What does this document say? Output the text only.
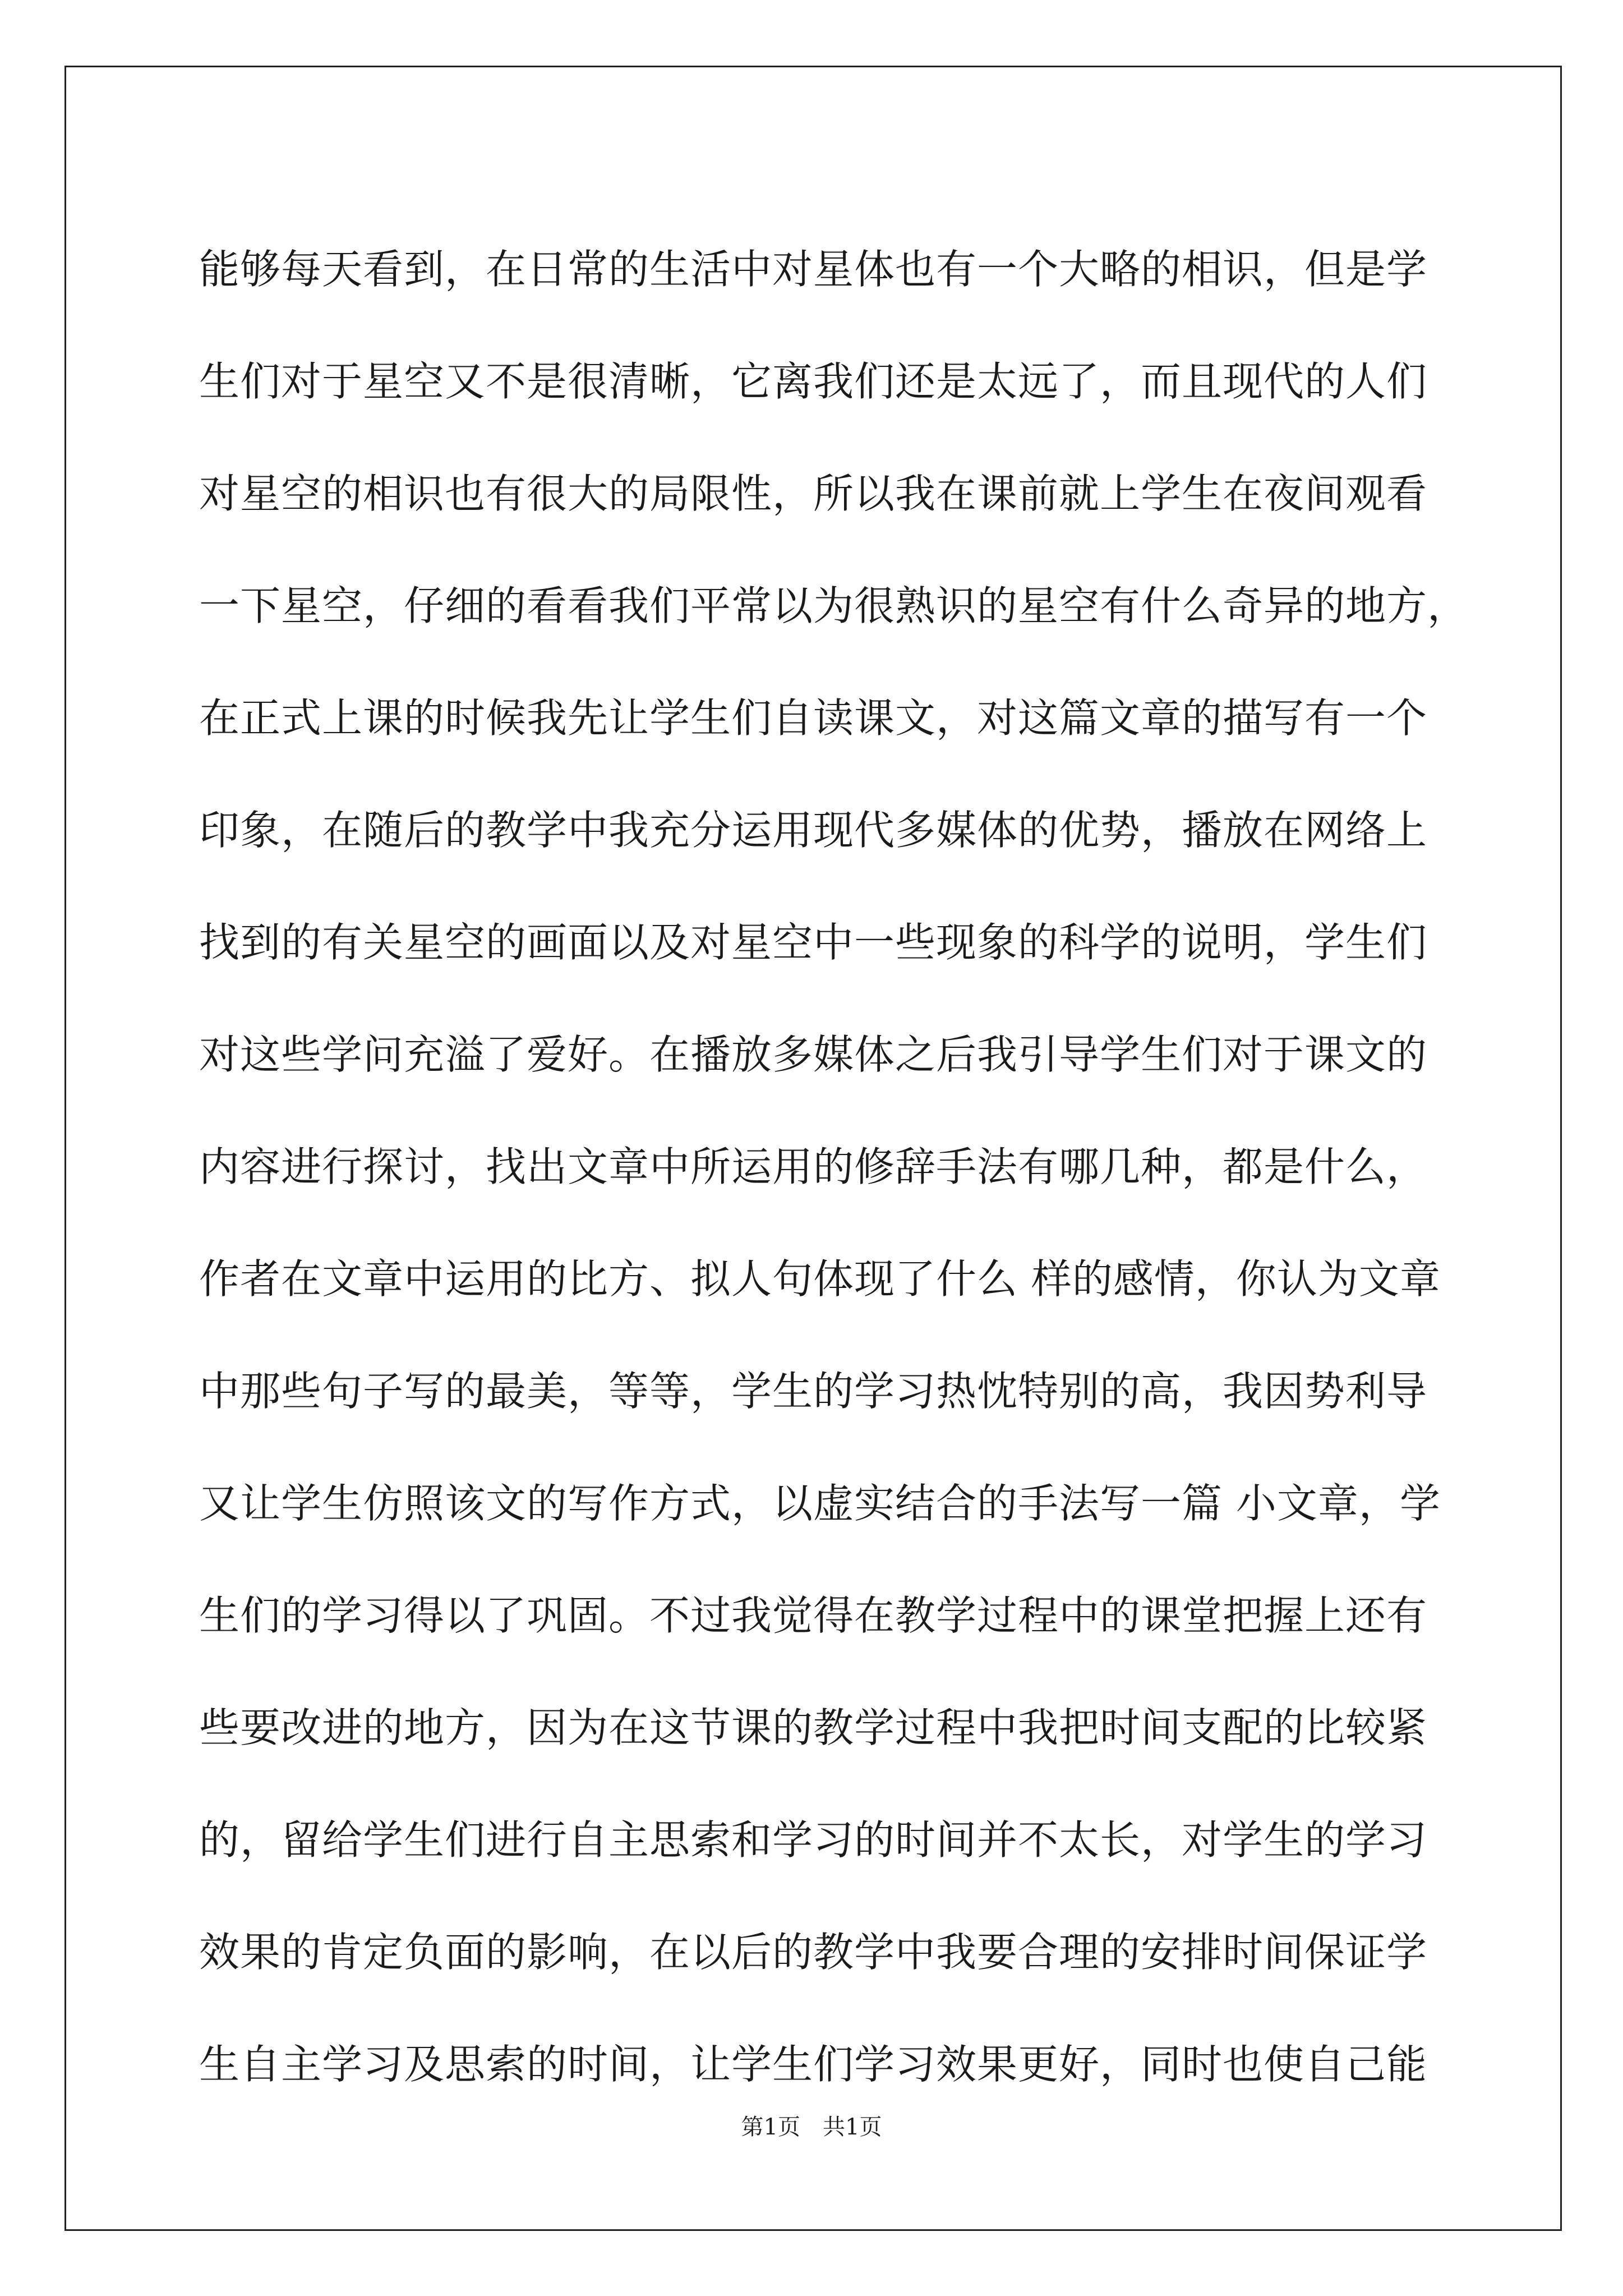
能够每天看到，在日常的生活中对星体也有一个大略的相识，但是学
生们对于星空又不是很清晰，它离我们还是太远了，而且现代的人们
对星空的相识也有很大的局限性，所以我在课前就上学生在夜间观看
一下星空，仔细的看看我们平常以为很熟识的星空有什么奇异的地方，
在正式上课的时候我先让学生们自读课文，对这篇文章的描写有一个
印象，在随后的教学中我充分运用现代多媒体的优势，播放在网络上
找到的有关星空的画面以及对星空中一些现象的科学的说明，学生们
对这些学问充溢了爱好。在播放多媒体之后我引导学生们对于课文的
内容进行探讨，找出文章中所运用的修辞手法有哪几种，都是什么，
作者在文章中运用的比方、拟人句体现了什么 样的感情，你认为文章
中那些句子写的最美，等等，学生的学习热忱特别的高，我因势利导
又让学生仿照该文的写作方式，以虚实结合的手法写一篇 小文章，学
生们的学习得以了巩固。不过我觉得在教学过程中的课堂把握上还有
些要改进的地方，因为在这节课的教学过程中我把时间支配的比较紧
的，留给学生们进行自主思索和学习的时间并不太长，对学生的学习
效果的肯定负面的影响，在以后的教学中我要合理的安排时间保证学
生自主学习及思索的时间，让学生们学习效果更好，同时也使自己能
第1页　共1页
